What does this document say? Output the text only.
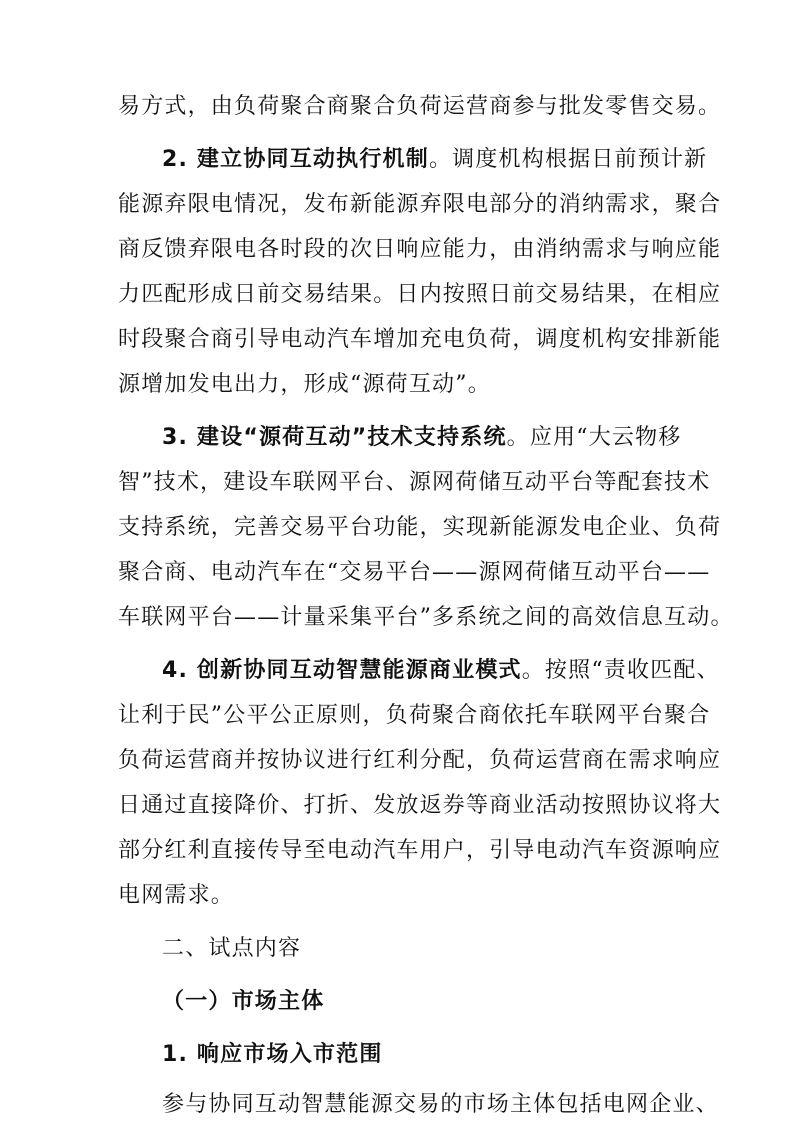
易方式，由负荷聚合商聚合负荷运营商参与批发零售交易。
2. 建立协同互动执行机制。调度机构根据日前预计新
能源弃限电情况，发布新能源弃限电部分的消纳需求，聚合
商反馈弃限电各时段的次日响应能力，由消纳需求与响应能
力匹配形成日前交易结果。日内按照日前交易结果，在相应
时段聚合商引导电动汽车增加充电负荷，调度机构安排新能
源增加发电出力，形成“源荷互动”。
3. 建设“源荷互动”技术支持系统。应用“大云物移
智”技术，建设车联网平台、源网荷储互动平台等配套技术
支持系统，完善交易平台功能，实现新能源发电企业、负荷
聚合商、电动汽车在“交易平台——源网荷储互动平台——
车联网平台——计量采集平台”多系统之间的高效信息互动。
4. 创新协同互动智慧能源商业模式。按照“责收匹配、
让利于民”公平公正原则，负荷聚合商依托车联网平台聚合
负荷运营商并按协议进行红利分配，负荷运营商在需求响应
日通过直接降价、打折、发放返券等商业活动按照协议将大
部分红利直接传导至电动汽车用户，引导电动汽车资源响应
电网需求。
二、试点内容
（一）市场主体
1. 响应市场入市范围
参与协同互动智慧能源交易的市场主体包括电网企业、
